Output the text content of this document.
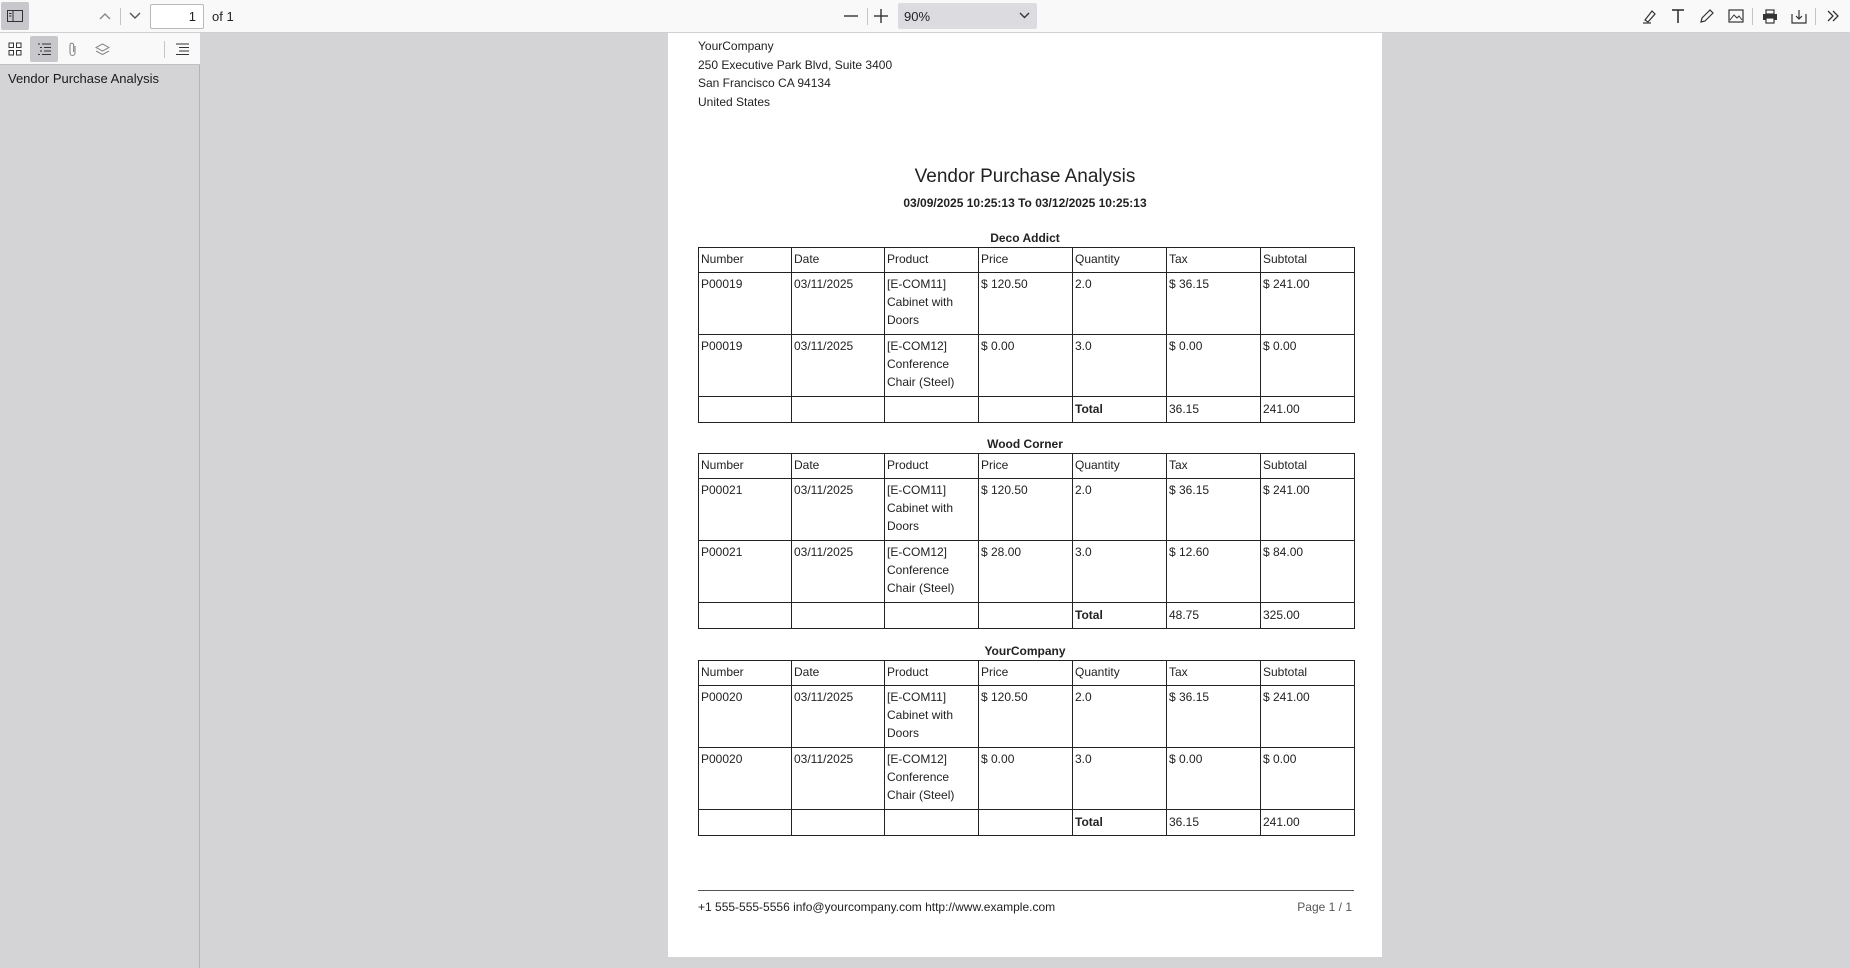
1
of 1	90%
Vendor Purchase Analysis
YourCompany
250 Executive Park Blvd, Suite 3400
San Francisco CA 94134
United States
Vendor Purchase Analysis
03/09/2025 10:25:13 To 03/12/2025 10:25:13
Deco Addict
Number	Date	Product	Price	Quantity	Tax	Subtotal
P00019	03/11/2025	[E-COM11] Cabinet with Doors	$ 120.50	2.0	$ 36.15	$ 241.00
P00019	03/11/2025	[E-COM12] Conference Chair (Steel)	$ 0.00	3.0	$ 0.00	$ 0.00
				Total	36.15	241.00
Wood Corner
Number	Date	Product	Price	Quantity	Tax	Subtotal
P00021	03/11/2025	[E-COM11] Cabinet with Doors	$ 120.50	2.0	$ 36.15	$ 241.00
P00021	03/11/2025	[E-COM12] Conference Chair (Steel)	$ 28.00	3.0	$ 12.60	$ 84.00
				Total	48.75	325.00
YourCompany
Number	Date	Product	Price	Quantity	Tax	Subtotal
P00020	03/11/2025	[E-COM11] Cabinet with Doors	$ 120.50	2.0	$ 36.15	$ 241.00
P00020	03/11/2025	[E-COM12] Conference Chair (Steel)	$ 0.00	3.0	$ 0.00	$ 0.00
				Total	36.15	241.00
+1 555-555-5556 info@yourcompany.com http://www.example.com	Page 1 / 1
